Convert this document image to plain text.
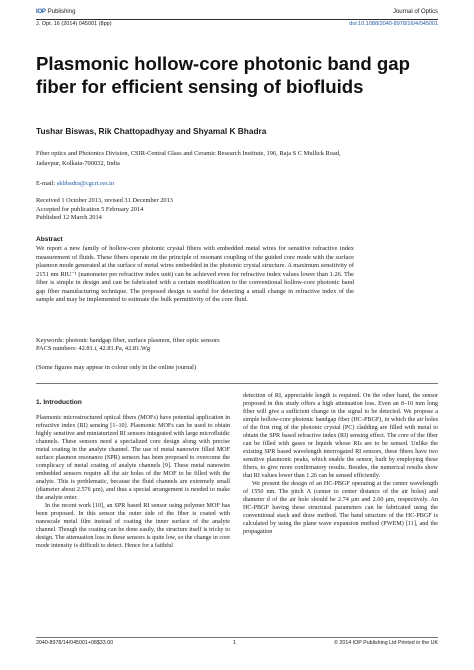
IOP Publishing	Journal of Optics
J. Opt. 16 (2014) 045001 (8pp)	doi:10.1088/2040-8978/16/4/045001
Plasmonic hollow-core photonic band gap fiber for efficient sensing of biofluids
Tushar Biswas, Rik Chattopadhyay and Shyamal K Bhadra
Fiber optics and Photonics Division, CSIR-Central Glass and Ceramic Research Institute, 196, Raja S C Mullick Road, Jadavpur, Kolkata-700032, India
E-mail: skbhadra@cgcri.res.in
Received 1 October 2013, revised 31 December 2013
Accepted for publication 5 February 2014
Published 12 March 2014
Abstract
We report a new family of hollow-core photonic crystal fibers with embedded metal wires for sensitive refractive index measurement of fluids. These fibers operate on the principle of resonant coupling of the guided core mode with the surface plasmon mode generated at the surface of metal wires embedded in the photonic crystal structure. A maximum sensitivity of 2151 nm RIU⁻¹ (nanometer per refractive index unit) can be achieved even for refractive index values lower than 1.26. The fiber is simple in design and can be fabricated with a certain modification to the conventional hollow-core photonic band gap fiber manufacturing technique. The proposed design is useful for detecting a small change in refractive index of the sample and may be implemented to estimate the bulk permittivity of the core fluid.
Keywords: photonic bandgap fiber, surface plasmon, fiber optic sensors
PACS numbers: 42.81.i, 42.81.Pa, 42.81.Wg
(Some figures may appear in colour only in the online journal)
1. Introduction

Plasmonic microstructured optical fibers (MOFs) have potential application in refractive index (RI) sensing [1–10]. Plasmonic MOFs can be used to obtain highly sensitive and miniaturized RI sensors integrated with large microfluidic channels. These sensors need a specialized core design along with precise metal coating in the analyte channel. The use of metal nanowire filled MOF surface plasmon resonance (SPR) sensors has been proposed to overcome the complicacy of metal coating of analyte channels [9]. These metal nanowire embedded sensors require all the air holes of the MOF to be filled with the analyte. This is problematic, because the fluid channels are extremely small (diameter about 2.576 μm), and thus a special arrangement is needed to make the analyte enter.

In the recent work [10], an SPR based RI sensor using polymer MOF has been proposed. In this sensor the outer side of the fiber is coated with nanoscale metal film instead of coating the inner surface of the analyte channel. Though the coating can be done easily, the structure itself is tricky to design. The attenuation loss in these sensors is quite low, so the change in core mode intensity is difficult to detect. Hence for a faithful

detection of RI, appreciable length is required. On the other hand, the sensor proposed in this study offers a high attenuation loss. Even an 8–10 mm long fiber will give a sufficient change in the signal to be detected. We propose a simple hollow-core photonic bandgap fiber (HC-PBGF), in which the air holes of the first ring of the photonic crystal (PC) cladding are filled with metal to obtain the SPR based refractive index (RI) sensing effect. The core of the fiber can be filled with gases or liquids whose RIs are to be sensed. Unlike the existing SPR based wavelength interrogated RI sensors, these fibers have two sensitive plasmonic peaks, which enable the sensor, built by employing these fibers, to give more confirmatory results. Besides, the numerical results show that RI values lower than 1.26 can be sensed efficiently.

We present the design of an HC-PBGF operating at the center wavelength of 1550 nm. The pitch Λ (center to center distance of the air holes) and diameter d of the air hole should be 2.74 μm and 2.60 μm, respectively. An HC-PBGF having these structural parameters can be fabricated using the conventional stack and draw method. The band structure of the HC-PBGF is calculated by using the plane wave expansion method (PWEM) [11], and the propagation

2040-8978/14/045001+08$33.00	1	© 2014 IOP Publishing Ltd Printed in the UK
